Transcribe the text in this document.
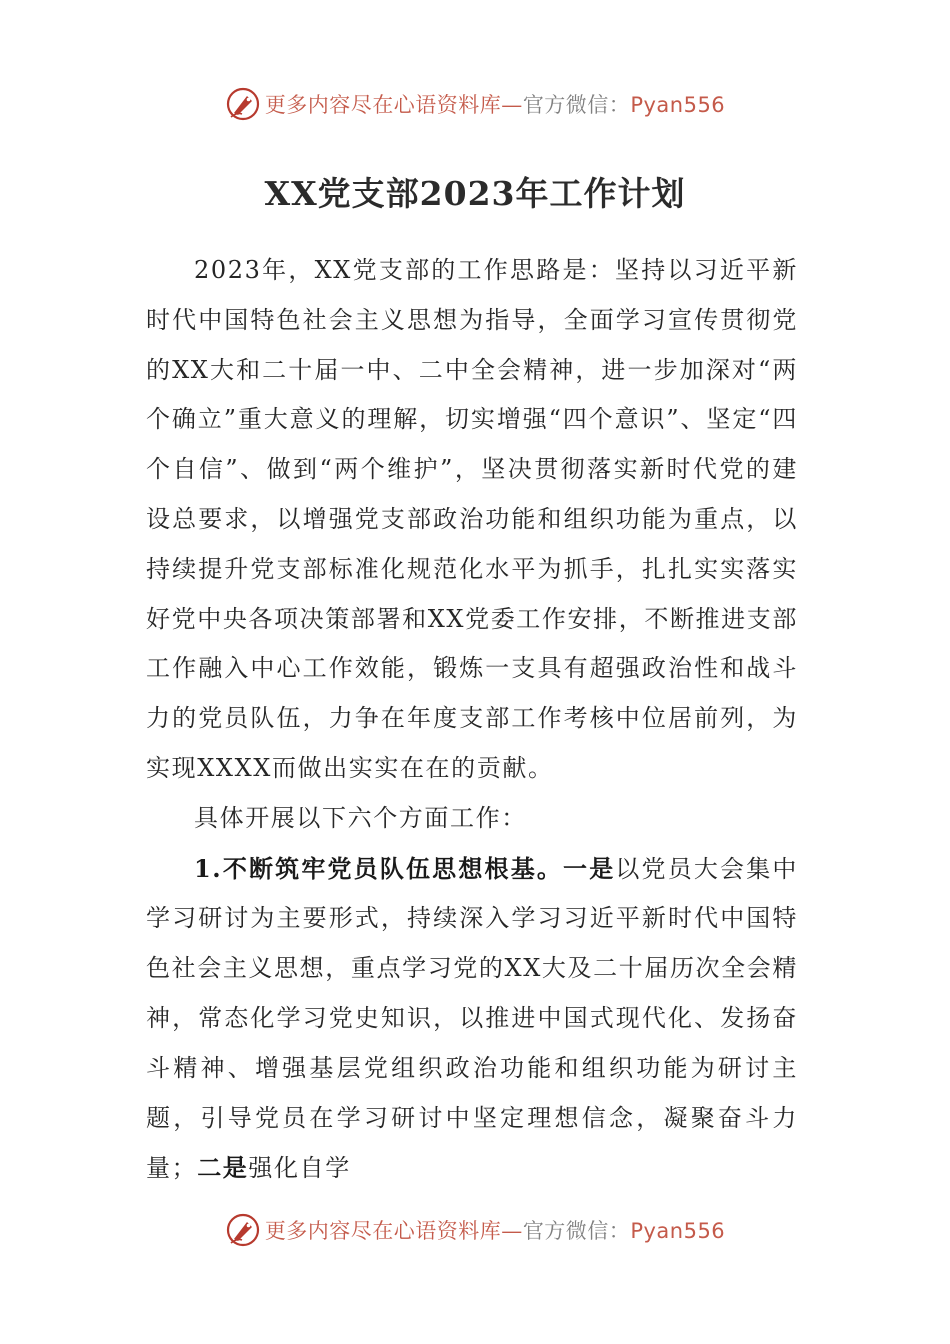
更多内容尽在心语资料库—官方微信：Pyan556
XX党支部2023年工作计划

2023年，XX党支部的工作思路是：坚持以习近平新时代中国特色社会主义思想为指导，全面学习宣传贯彻党的XX大和二十届一中、二中全会精神，进一步加深对“两个确立”重大意义的理解，切实增强“四个意识”、坚定“四个自信”、做到“两个维护”，坚决贯彻落实新时代党的建设总要求，以增强党支部政治功能和组织功能为重点，以持续提升党支部标准化规范化水平为抓手，扎扎实实落实好党中央各项决策部署和XX党委工作安排，不断推进支部工作融入中心工作效能，锻炼一支具有超强政治性和战斗力的党员队伍，力争在年度支部工作考核中位居前列，为实现XXXX而做出实实在在的贡献。

具体开展以下六个方面工作：

1.不断筑牢党员队伍思想根基。一是以党员大会集中学习研讨为主要形式，持续深入学习习近平新时代中国特色社会主义思想，重点学习党的XX大及二十届历次全会精神，常态化学习党史知识，以推进中国式现代化、发扬奋斗精神、增强基层党组织政治功能和组织功能为研讨主题，引导党员在学习研讨中坚定理想信念，凝聚奋斗力量；二是强化自学

更多内容尽在心语资料库—官方微信：Pyan556
